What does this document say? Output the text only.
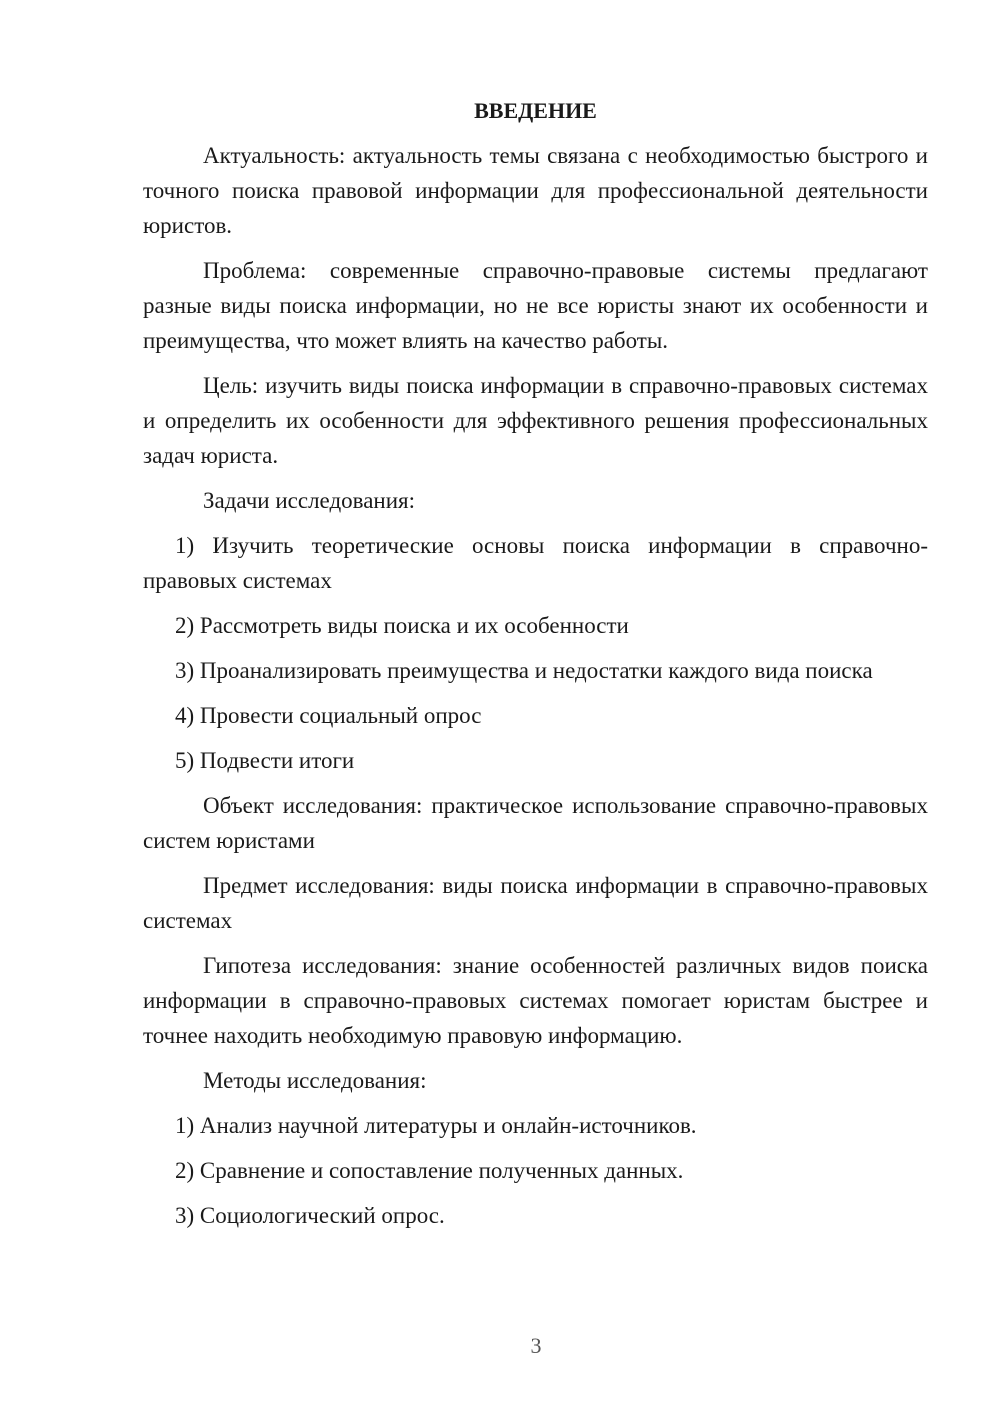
ВВЕДЕНИЕ

Актуальность: актуальность темы связана с необходимостью быстрого и точного поиска правовой информации для профессиональной деятельности юристов.

Проблема: современные справочно-правовые системы предлагают разные виды поиска информации, но не все юристы знают их особенности и преимущества, что может влиять на качество работы.

Цель: изучить виды поиска информации в справочно-правовых системах и определить их особенности для эффективного решения профессиональных задач юриста.

Задачи исследования:

1) Изучить теоретические основы поиска информации в справочно-правовых системах

2) Рассмотреть виды поиска и их особенности

3) Проанализировать преимущества и недостатки каждого вида поиска

4) Провести социальный опрос

5) Подвести итоги

Объект исследования: практическое использование справочно-правовых систем юристами

Предмет исследования: виды поиска информации в справочно-правовых системах

Гипотеза исследования: знание особенностей различных видов поиска информации в справочно-правовых системах помогает юристам быстрее и точнее находить необходимую правовую информацию.

Методы исследования:

1) Анализ научной литературы и онлайн-источников.

2) Сравнение и сопоставление полученных данных.

3) Социологический опрос.

3
